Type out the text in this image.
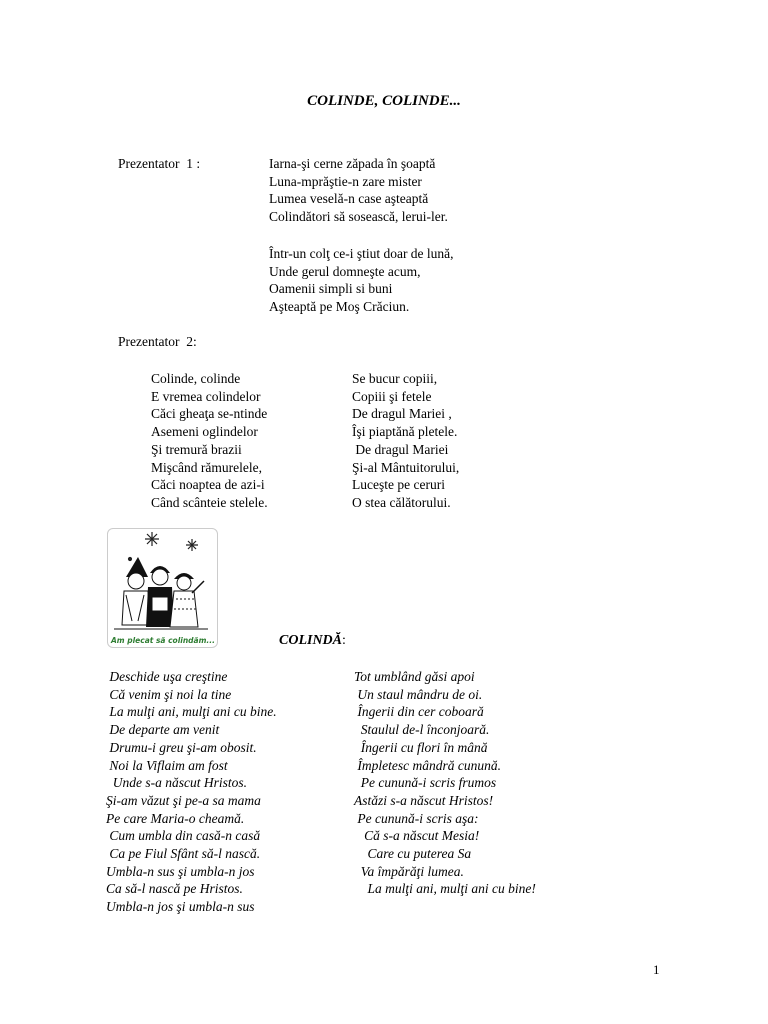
COLINDE, COLINDE...
Prezentator  1 :	Iarna-şi cerne zăpada în şoaptă
Luna-mprăştie-n zare mister
Lumea veselă-n case aşteaptă
Colindători să sosească, lerui-ler.
Într-un colţ ce-i ştiut doar de lună,
Unde gerul domneşte acum,
Oamenii simpli si buni
Aşteaptă pe Moş Crăciun.
Prezentator  2:
Colinde, colinde
E vremea colindelor
Căci gheaţa se-ntinde
Asemeni oglindelor
Şi tremură brazii
Mişcând rămurelele,
Căci noaptea de azi-i
Când scânteie stelele.
Se bucur copiii,
Copiii şi fetele
De dragul Mariei ,
Îşi piaptănă pletele.
De dragul Mariei
Şi-al Mântuitorului,
Luceşte pe ceruri
O stea călătorului.
Am plecat să colindăm...	COLINDĂ:
Deschide uşa creştine
Că venim şi noi la tine
La mulţi ani, mulţi ani cu bine.
De departe am venit
Drumu-i greu şi-am obosit.
Noi la Viflaim am fost
Unde s-a născut Hristos.
Şi-am văzut şi pe-a sa mama
Pe care Maria-o cheamă.
Cum umbla din casă-n casă
Ca pe Fiul Sfânt să-l nască.
Umbla-n sus şi umbla-n jos
Ca să-l nască pe Hristos.
Umbla-n jos şi umbla-n sus
Tot umblând găsi apoi
Un staul mândru de oi.
Îngerii din cer coboară
Staulul de-l înconjoară.
Îngerii cu flori în mână
Împletesc mândră cunună.
Pe cunună-i scris frumos
Astăzi s-a născut Hristos!
Pe cunună-i scris aşa:
Că s-a născut Mesia!
Care cu puterea Sa
Va împărăţi lumea.
La mulţi ani, mulţi ani cu bine!
1
